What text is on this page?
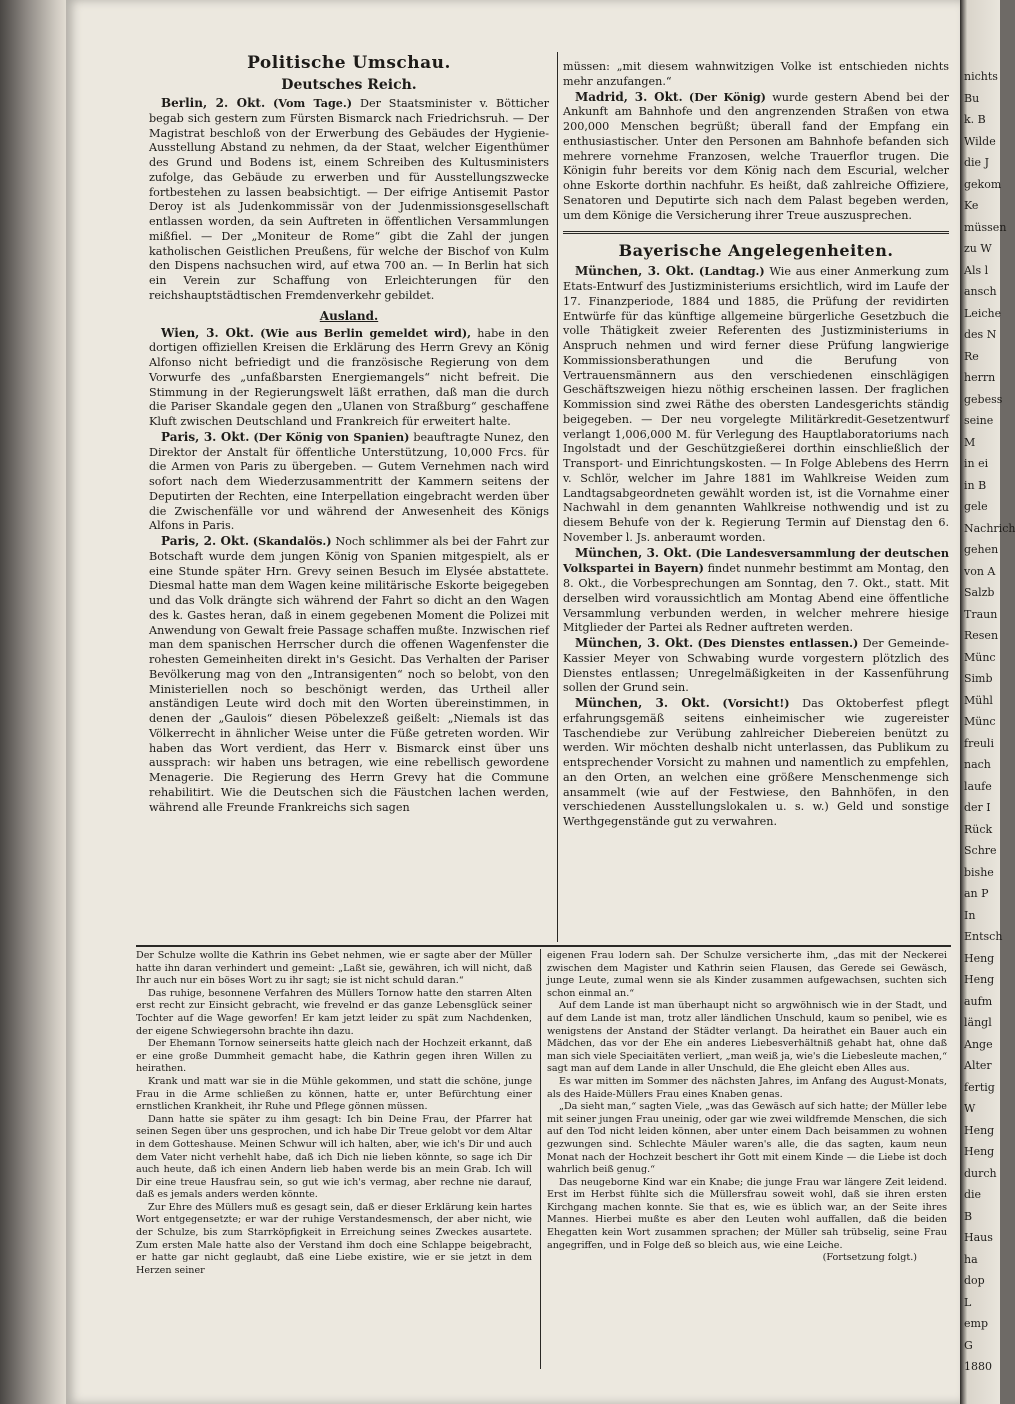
Politische Umschau.
Deutsches Reich.

Berlin, 2. Okt. (Vom Tage.) Der Staatsminister v. Bötticher begab sich gestern zum Fürsten Bismarck nach Friedrichsruh. — Der Magistrat beschloß von der Erwerbung des Gebäudes der Hygienie-Ausstellung Abstand zu nehmen, da der Staat, welcher Eigenthümer des Grund und Bodens ist, einem Schreiben des Kultusministers zufolge, das Gebäude zu erwerben und für Ausstellungszwecke fortbestehen zu lassen beabsichtigt. — Der eifrige Antisemit Pastor Deroy ist als Judenkommissär von der Judenmissionsgesellschaft entlassen worden, da sein Auftreten in öffentlichen Versammlungen mißfiel. — Der „Moniteur de Rome“ gibt die Zahl der jungen katholischen Geistlichen Preußens, für welche der Bischof von Kulm den Dispens nachsuchen wird, auf etwa 700 an. — In Berlin hat sich ein Verein zur Schaffung von Erleichterungen für den reichshauptstädtischen Fremdenverkehr gebildet.

Ausland.

Wien, 3. Okt. (Wie aus Berlin gemeldet wird), habe in den dortigen offiziellen Kreisen die Erklärung des Herrn Grevy an König Alfonso nicht befriedigt und die französische Regierung von dem Vorwurfe des „unfaßbarsten Energiemangels“ nicht befreit. Die Stimmung in der Regierungswelt läßt errathen, daß man die durch die Pariser Skandale gegen den „Ulanen von Straßburg“ geschaffene Kluft zwischen Deutschland und Frankreich für erweitert halte.

Paris, 3. Okt. (Der König von Spanien) beauftragte Nunez, den Direktor der Anstalt für öffentliche Unterstützung, 10,000 Frcs. für die Armen von Paris zu übergeben. — Gutem Vernehmen nach wird sofort nach dem Wiederzusammentritt der Kammern seitens der Deputirten der Rechten, eine Interpellation eingebracht werden über die Zwischenfälle vor und während der Anwesenheit des Königs Alfons in Paris.

Paris, 2. Okt. (Skandalös.) Noch schlimmer als bei der Fahrt zur Botschaft wurde dem jungen König von Spanien mitgespielt, als er eine Stunde später Hrn. Grevy seinen Besuch im Elysée abstattete. Diesmal hatte man dem Wagen keine militärische Eskorte beigegeben und das Volk drängte sich während der Fahrt so dicht an den Wagen des k. Gastes heran, daß in einem gegebenen Moment die Polizei mit Anwendung von Gewalt freie Passage schaffen mußte. Inzwischen rief man dem spanischen Herrscher durch die offenen Wagenfenster die rohesten Gemeinheiten direkt in's Gesicht. Das Verhalten der Pariser Bevölkerung mag von den „Intransigenten“ noch so belobt, von den Ministeriellen noch so beschönigt werden, das Urtheil aller anständigen Leute wird doch mit den Worten übereinstimmen, in denen der „Gaulois“ diesen Pöbelexzeß geißelt: „Niemals ist das Völkerrecht in ähnlicher Weise unter die Füße getreten worden. Wir haben das Wort verdient, das Herr v. Bismarck einst über uns aussprach: wir haben uns betragen, wie eine rebellisch gewordene Menagerie. Die Regierung des Herrn Grevy hat die Commune rehabilitirt. Wie die Deutschen sich die Fäustchen lachen werden, während alle Freunde Frankreichs sich sagen

müssen: „mit diesem wahnwitzigen Volke ist entschieden nichts mehr anzufangen.“

Madrid, 3. Okt. (Der König) wurde gestern Abend bei der Ankunft am Bahnhofe und den angrenzenden Straßen von etwa 200,000 Menschen begrüßt; überall fand der Empfang ein enthusiastischer. Unter den Personen am Bahnhofe befanden sich mehrere vornehme Franzosen, welche Trauerflor trugen. Die Königin fuhr bereits vor dem König nach dem Escurial, welcher ohne Eskorte dorthin nachfuhr. Es heißt, daß zahlreiche Offiziere, Senatoren und Deputirte sich nach dem Palast begeben werden, um dem Könige die Versicherung ihrer Treue auszusprechen.

Bayerische Angelegenheiten.

München, 3. Okt. (Landtag.) Wie aus einer Anmerkung zum Etats-Entwurf des Justizministeriums ersichtlich, wird im Laufe der 17. Finanzperiode, 1884 und 1885, die Prüfung der revidirten Entwürfe für das künftige allgemeine bürgerliche Gesetzbuch die volle Thätigkeit zweier Referenten des Justizministeriums in Anspruch nehmen und wird ferner diese Prüfung langwierige Kommissionsberathungen und die Berufung von Vertrauensmännern aus den verschiedenen einschlägigen Geschäftszweigen hiezu nöthig erscheinen lassen. Der fraglichen Kommission sind zwei Räthe des obersten Landesgerichts ständig beigegeben. — Der neu vorgelegte Militärkredit-Gesetzentwurf verlangt 1,006,000 M. für Verlegung des Hauptlaboratoriums nach Ingolstadt und der Geschützgießerei dorthin einschließlich der Transport- und Einrichtungskosten. — In Folge Ablebens des Herrn v. Schlör, welcher im Jahre 1881 im Wahlkreise Weiden zum Landtagsabgeordneten gewählt worden ist, ist die Vornahme einer Nachwahl in dem genannten Wahlkreise nothwendig und ist zu diesem Behufe von der k. Regierung Termin auf Dienstag den 6. November l. Js. anberaumt worden.

München, 3. Okt. (Die Landesversammlung der deutschen Volkspartei in Bayern) findet nunmehr bestimmt am Montag, den 8. Okt., die Vorbesprechungen am Sonntag, den 7. Okt., statt. Mit derselben wird voraussichtlich am Montag Abend eine öffentliche Versammlung verbunden werden, in welcher mehrere hiesige Mitglieder der Partei als Redner auftreten werden.

München, 3. Okt. (Des Dienstes entlassen.) Der Gemeinde-Kassier Meyer von Schwabing wurde vorgestern plötzlich des Dienstes entlassen; Unregelmäßigkeiten in der Kassenführung sollen der Grund sein.

München, 3. Okt. (Vorsicht!) Das Oktoberfest pflegt erfahrungsgemäß seitens einheimischer wie zugereister Taschendiebe zur Verübung zahlreicher Diebereien benützt zu werden. Wir möchten deshalb nicht unterlassen, das Publikum zu entsprechender Vorsicht zu mahnen und namentlich zu empfehlen, an den Orten, an welchen eine größere Menschenmenge sich ansammelt (wie auf der Festwiese, den Bahnhöfen, in den verschiedenen Ausstellungslokalen u. s. w.) Geld und sonstige Werthgegenstände gut zu verwahren.

Der Schulze wollte die Kathrin ins Gebet nehmen, wie er sagte aber der Müller hatte ihn daran verhindert und gemeint: „Laßt sie, gewähren, ich will nicht, daß Ihr auch nur ein böses Wort zu ihr sagt; sie ist nicht schuld daran.“

Das ruhige, besonnene Verfahren des Müllers Tornow hatte den starren Alten erst recht zur Einsicht gebracht, wie frevelnd er das ganze Lebensglück seiner Tochter auf die Wage geworfen! Er kam jetzt leider zu spät zum Nachdenken, der eigene Schwiegersohn brachte ihn dazu.

Der Ehemann Tornow seinerseits hatte gleich nach der Hochzeit erkannt, daß er eine große Dummheit gemacht habe, die Kathrin gegen ihren Willen zu heirathen.

Krank und matt war sie in die Mühle gekommen, und statt die schöne, junge Frau in die Arme schließen zu können, hatte er, unter Befürchtung einer ernstlichen Krankheit, ihr Ruhe und Pflege gönnen müssen.

Dann hatte sie später zu ihm gesagt: Ich bin Deine Frau, der Pfarrer hat seinen Segen über uns gesprochen, und ich habe Dir Treue gelobt vor dem Altar in dem Gotteshause. Meinen Schwur will ich halten, aber, wie ich's Dir und auch dem Vater nicht verhehlt habe, daß ich Dich nie lieben könnte, so sage ich Dir auch heute, daß ich einen Andern lieb haben werde bis an mein Grab. Ich will Dir eine treue Hausfrau sein, so gut wie ich's vermag, aber rechne nie darauf, daß es jemals anders werden könnte.

Zur Ehre des Müllers muß es gesagt sein, daß er dieser Erklärung kein hartes Wort entgegensetzte; er war der ruhige Verstandesmensch, der aber nicht, wie der Schulze, bis zum Starrköpfigkeit in Erreichung seines Zweckes ausartete. Zum ersten Male hatte also der Verstand ihm doch eine Schlappe beigebracht, er hatte gar nicht geglaubt, daß eine Liebe existire, wie er sie jetzt in dem Herzen seiner

eigenen Frau lodern sah. Der Schulze versicherte ihm, „das mit der Neckerei zwischen dem Magister und Kathrin seien Flausen, das Gerede sei Gewäsch, junge Leute, zumal wenn sie als Kinder zusammen aufgewachsen, suchten sich schon einmal an.“

Auf dem Lande ist man überhaupt nicht so argwöhnisch wie in der Stadt, und auf dem Lande ist man, trotz aller ländlichen Unschuld, kaum so penibel, wie es wenigstens der Anstand der Städter verlangt. Da heirathet ein Bauer auch ein Mädchen, das vor der Ehe ein anderes Liebesverhältniß gehabt hat, ohne daß man sich viele Speciaitäten verliert, „man weiß ja, wie's die Liebesleute machen,“ sagt man auf dem Lande in aller Unschuld, die Ehe gleicht eben Alles aus.

Es war mitten im Sommer des nächsten Jahres, im Anfang des August-Monats, als des Haide-Müllers Frau eines Knaben genas.

„Da sieht man,“ sagten Viele, „was das Gewäsch auf sich hatte; der Müller lebe mit seiner jungen Frau uneinig, oder gar wie zwei wildfremde Menschen, die sich auf den Tod nicht leiden können, aber unter einem Dach beisammen zu wohnen gezwungen sind. Schlechte Mäuler waren's alle, die das sagten, kaum neun Monat nach der Hochzeit beschert ihr Gott mit einem Kinde — die Liebe ist doch wahrlich beiß genug.“

Das neugeborne Kind war ein Knabe; die junge Frau war längere Zeit leidend. Erst im Herbst fühlte sich die Müllersfrau soweit wohl, daß sie ihren ersten Kirchgang machen konnte. Sie that es, wie es üblich war, an der Seite ihres Mannes. Hierbei mußte es aber den Leuten wohl auffallen, daß die beiden Ehegatten kein Wort zusammen sprachen; der Müller sah trübselig, seine Frau angegriffen, und in Folge deß so bleich aus, wie eine Leiche.

(Fortsetzung folgt.)

nichts
Bu
k. B
Wilde
die J
gekom
Ke
müssen
zu W
Als l
ansch
Leiche
des N
Re
herrn
gebess
seine
M
in ei
in B
gele
Nachrich
gehen
von A
Salzb
Traun
Resen
Münc
Simb
Mühl
Münc
freuli
nach
laufe
der I
Rück
Schre
bishe
an P
In
Entsch
Heng
Heng
aufm
längl
Ange
Alter
fertig
W
Heng
Heng
durch
die
B
Haus
ha
dop
L
emp
G
1880
